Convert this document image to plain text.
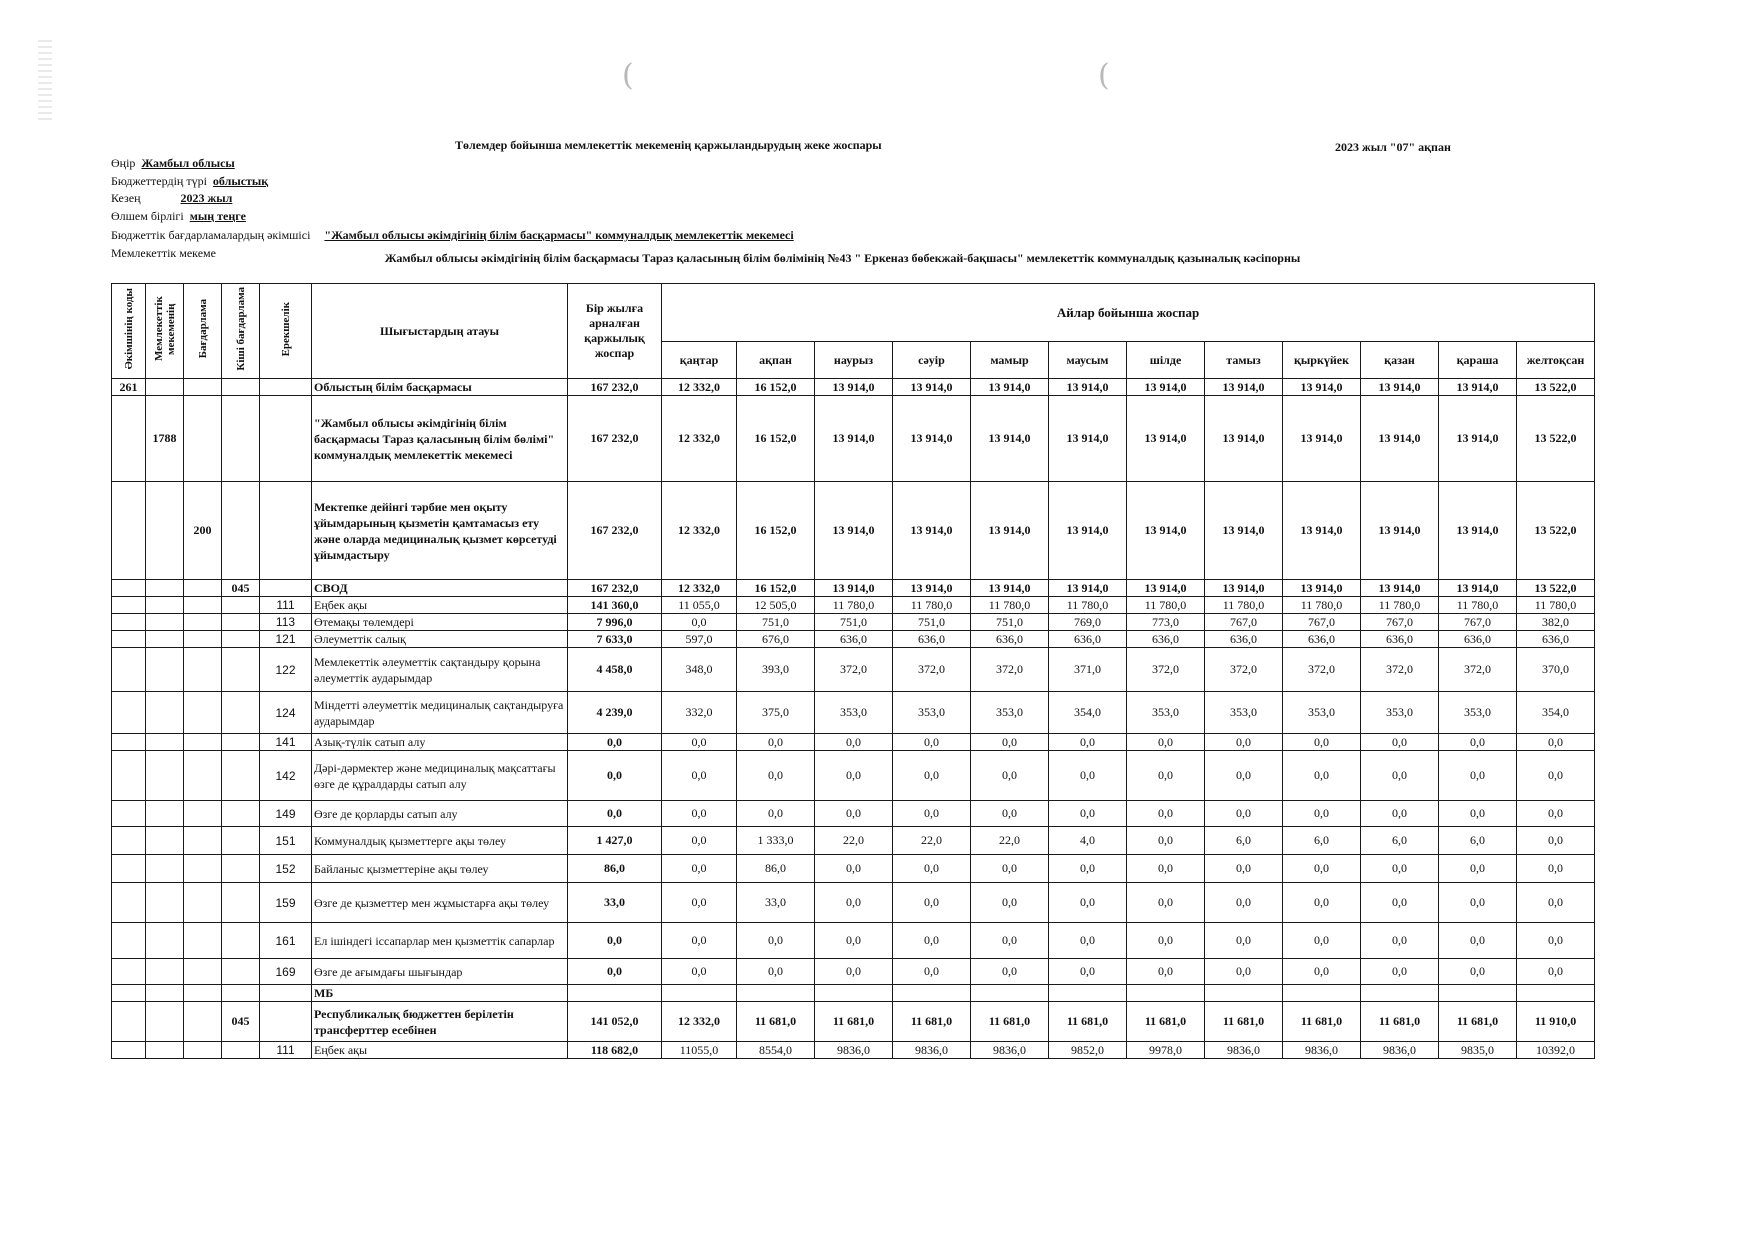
(	(
Төлемдер бойынша мемлекеттік мекеменің қаржыландырудың жеке жоспары	2023 жыл "07" ақпан
Өңір Жамбыл облысы
Бюджеттердің түрі облыстық
Кезең	2023 жыл
Өлшем бірлігі мың теңге
Бюджеттік бағдарламалардың әкімшісі "Жамбыл облысы әкімдігінің білім басқармасы" коммуналдық мемлекеттік мекемесі
Мемлекеттік мекеме	Жамбыл облысы әкімдігінің білім басқармасы Тараз қаласының білім бөлімінің №43 " Еркеназ бөбекжай-бақшасы" мемлекеттік коммуналдық қазыналық кәсіпорны
Әкімшінің коды	Мемлекеттік мекеменің	Бағдарлама	Кіші бағдарлама	Ерекшелік	Шығыстардың атауы	Бір жылға арналған қаржылық жоспар	Айлар бойынша жоспар											
							қаңтар	ақпан	наурыз	сәуір	мамыр	маусым	шілде	тамыз	қыркүйек	қазан	қараша	желтоқсан
261					Облыстың білім басқармасы	167 232,0	12 332,0	16 152,0	13 914,0	13 914,0	13 914,0	13 914,0	13 914,0	13 914,0	13 914,0	13 914,0	13 914,0	13 522,0
	1788				"Жамбыл облысы әкімдігінің білім басқармасы Тараз қаласының білім бөлімі" коммуналдық мемлекеттік мекемесі	167 232,0	12 332,0	16 152,0	13 914,0	13 914,0	13 914,0	13 914,0	13 914,0	13 914,0	13 914,0	13 914,0	13 914,0	13 522,0
		200			Мектепке дейінгі тәрбие мен оқыту ұйымдарының қызметін қамтамасыз ету және оларда медициналық қызмет көрсетуді ұйымдастыру	167 232,0	12 332,0	16 152,0	13 914,0	13 914,0	13 914,0	13 914,0	13 914,0	13 914,0	13 914,0	13 914,0	13 914,0	13 522,0
			045		СВОД	167 232,0	12 332,0	16 152,0	13 914,0	13 914,0	13 914,0	13 914,0	13 914,0	13 914,0	13 914,0	13 914,0	13 914,0	13 522,0
				111	Еңбек ақы	141 360,0	11 055,0	12 505,0	11 780,0	11 780,0	11 780,0	11 780,0	11 780,0	11 780,0	11 780,0	11 780,0	11 780,0	11 780,0
				113	Өтемақы төлемдері	7 996,0	0,0	751,0	751,0	751,0	751,0	769,0	773,0	767,0	767,0	767,0	767,0	382,0
				121	Әлеуметтік салық	7 633,0	597,0	676,0	636,0	636,0	636,0	636,0	636,0	636,0	636,0	636,0	636,0	636,0
				122	Мемлекеттік әлеуметтік сақтандыру қорына әлеуметтік аударымдар	4 458,0	348,0	393,0	372,0	372,0	372,0	371,0	372,0	372,0	372,0	372,0	372,0	370,0
				124	Міндетті әлеуметтік медициналық сақтандыруға аударымдар	4 239,0	332,0	375,0	353,0	353,0	353,0	354,0	353,0	353,0	353,0	353,0	353,0	354,0
				141	Азық-түлік сатып алу	0,0	0,0	0,0	0,0	0,0	0,0	0,0	0,0	0,0	0,0	0,0	0,0	0,0
				142	Дәрі-дәрмектер және медициналық мақсаттағы өзге де құралдарды сатып алу	0,0	0,0	0,0	0,0	0,0	0,0	0,0	0,0	0,0	0,0	0,0	0,0	0,0
				149	Өзге де қорларды сатып алу	0,0	0,0	0,0	0,0	0,0	0,0	0,0	0,0	0,0	0,0	0,0	0,0	0,0
				151	Коммуналдық қызметтерге ақы төлеу	1 427,0	0,0	1 333,0	22,0	22,0	22,0	4,0	0,0	6,0	6,0	6,0	6,0	0,0
				152	Байланыс қызметтеріне ақы төлеу	86,0	0,0	86,0	0,0	0,0	0,0	0,0	0,0	0,0	0,0	0,0	0,0	0,0
				159	Өзге де қызметтер мен жұмыстарға ақы төлеу	33,0	0,0	33,0	0,0	0,0	0,0	0,0	0,0	0,0	0,0	0,0	0,0	0,0
				161	Ел ішіндегі іссапарлар мен қызметтік сапарлар	0,0	0,0	0,0	0,0	0,0	0,0	0,0	0,0	0,0	0,0	0,0	0,0	0,0
				169	Өзге де ағымдағы шығындар	0,0	0,0	0,0	0,0	0,0	0,0	0,0	0,0	0,0	0,0	0,0	0,0	0,0
					МБ													
			045		Республикалық бюджеттен берілетін трансферттер есебінен	141 052,0	12 332,0	11 681,0	11 681,0	11 681,0	11 681,0	11 681,0	11 681,0	11 681,0	11 681,0	11 681,0	11 681,0	11 910,0
				111	Еңбек ақы	118 682,0	11055,0	8554,0	9836,0	9836,0	9836,0	9852,0	9978,0	9836,0	9836,0	9836,0	9835,0	10392,0
